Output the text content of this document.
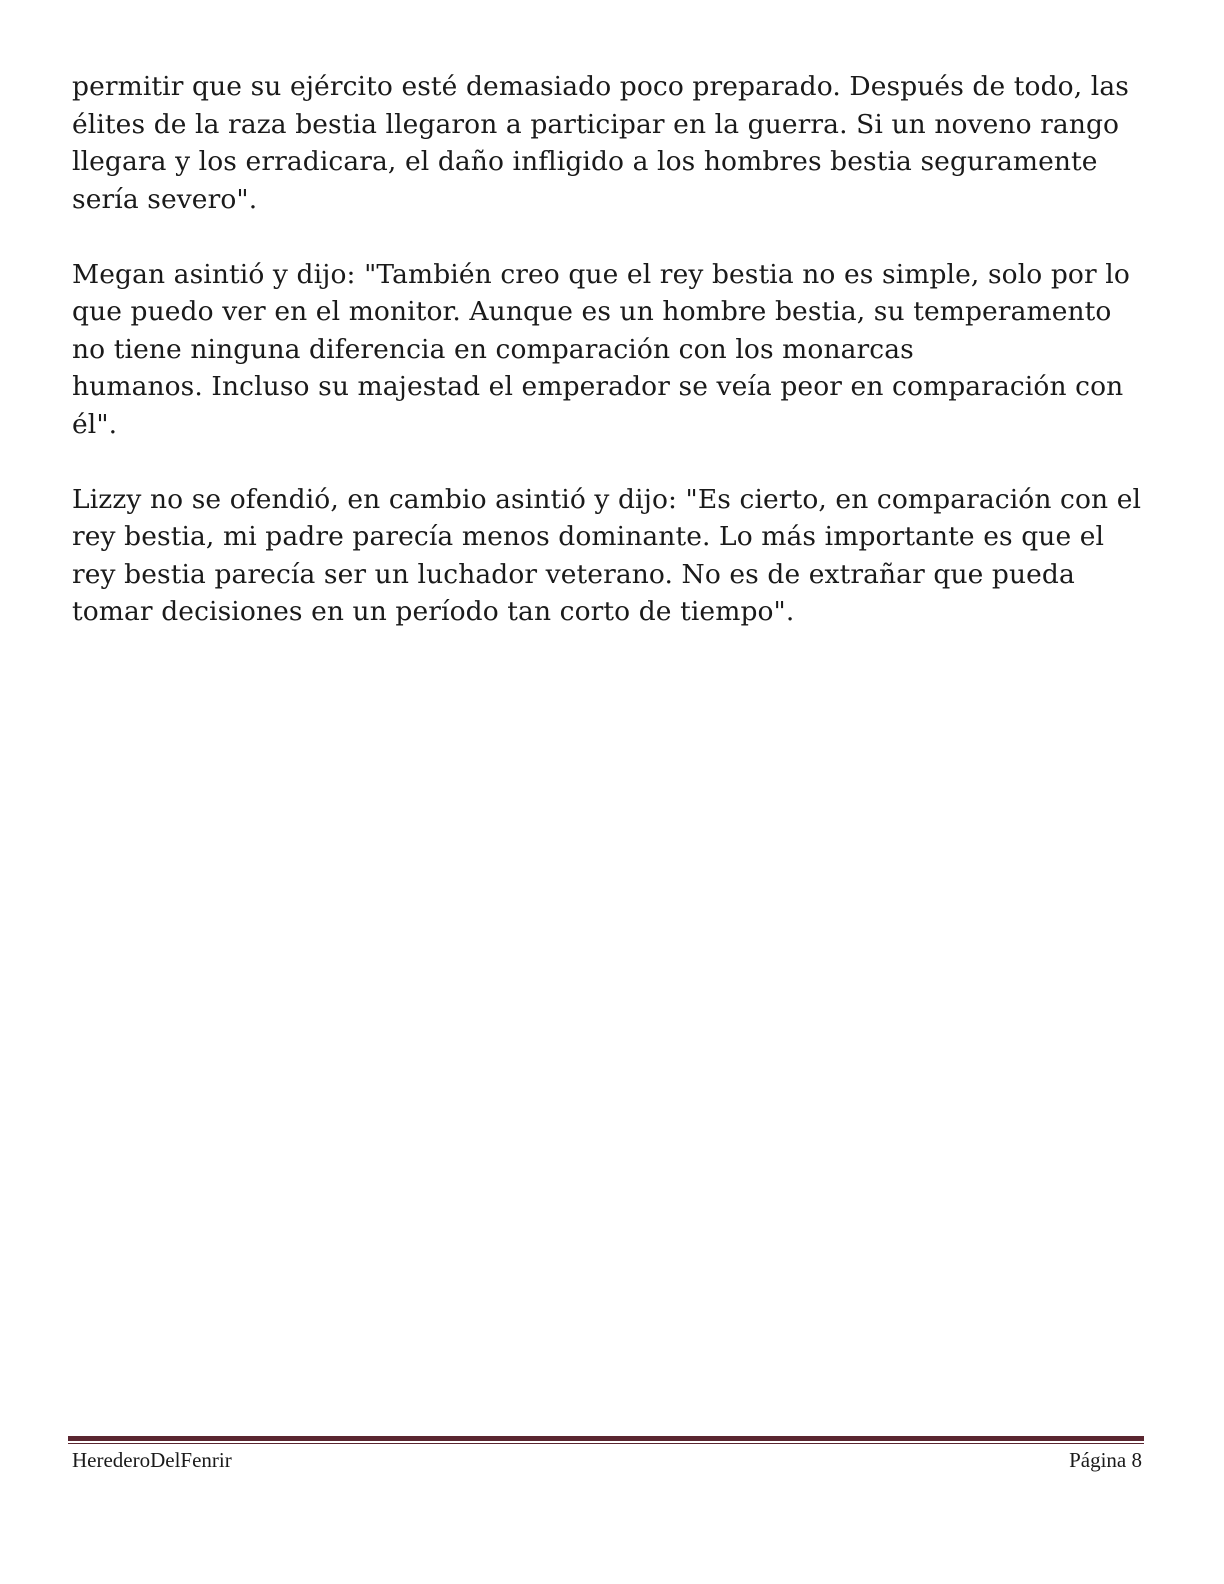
permitir que su ejército esté demasiado poco preparado. Después de todo, las
élites de la raza bestia llegaron a participar en la guerra. Si un noveno rango
llegara y los erradicara, el daño infligido a los hombres bestia seguramente
sería severo".

Megan asintió y dijo: "También creo que el rey bestia no es simple, solo por lo
que puedo ver en el monitor. Aunque es un hombre bestia, su temperamento
no tiene ninguna diferencia en comparación con los monarcas
humanos. Incluso su majestad el emperador se veía peor en comparación con
él".

Lizzy no se ofendió, en cambio asintió y dijo: "Es cierto, en comparación con el
rey bestia, mi padre parecía menos dominante. Lo más importante es que el
rey bestia parecía ser un luchador veterano. No es de extrañar que pueda
tomar decisiones en un período tan corto de tiempo".

HerederoDelFenrir	Página 8
